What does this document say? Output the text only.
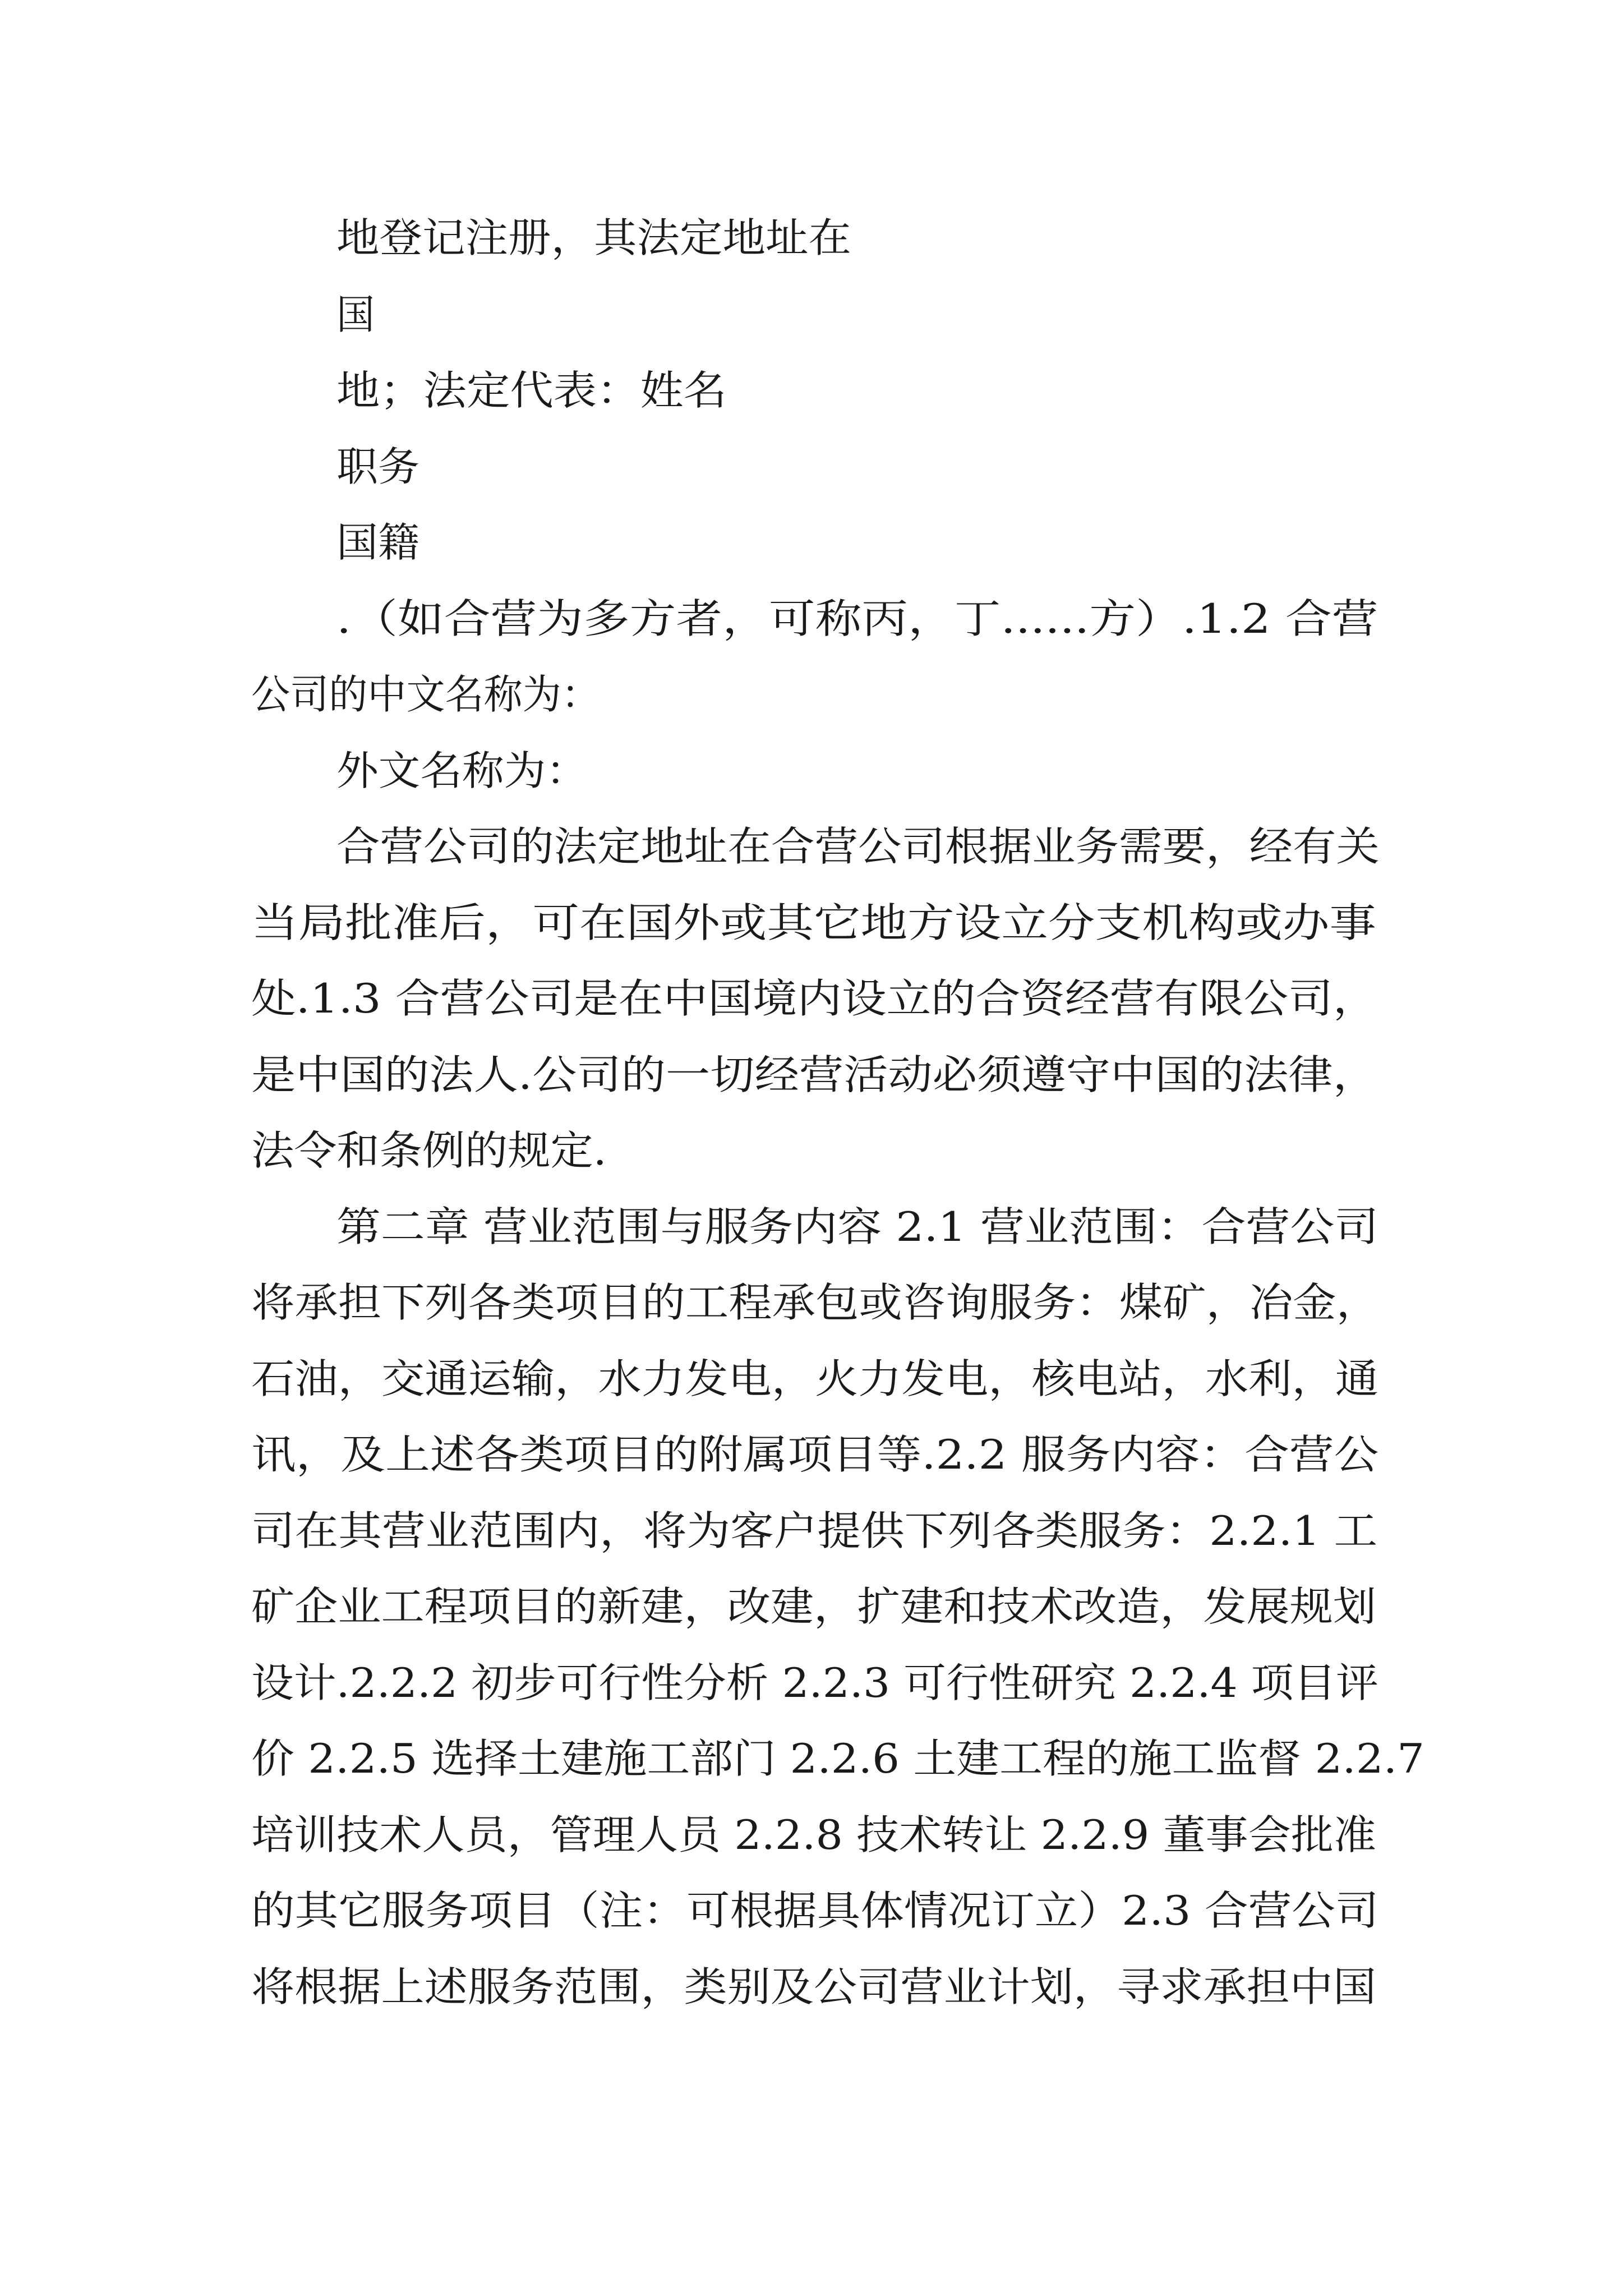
地登记注册，其法定地址在
国
地；法定代表：姓名
职务
国籍
.（如合营为多方者，可称丙，丁......方）.1.2 合营
公司的中文名称为：
外文名称为：
合营公司的法定地址在合营公司根据业务需要，经有关
当局批准后，可在国外或其它地方设立分支机构或办事
处.1.3 合营公司是在中国境内设立的合资经营有限公司，
是中国的法人.公司的一切经营活动必须遵守中国的法律，
法令和条例的规定.
第二章 营业范围与服务内容 2.1 营业范围：合营公司
将承担下列各类项目的工程承包或咨询服务：煤矿，冶金，
石油，交通运输，水力发电，火力发电，核电站，水利，通
讯，及上述各类项目的附属项目等.2.2 服务内容：合营公
司在其营业范围内，将为客户提供下列各类服务：2.2.1 工
矿企业工程项目的新建，改建，扩建和技术改造，发展规划
设计.2.2.2 初步可行性分析 2.2.3 可行性研究 2.2.4 项目评
价 2.2.5 选择土建施工部门 2.2.6 土建工程的施工监督 2.2.7
培训技术人员，管理人员 2.2.8 技术转让 2.2.9 董事会批准
的其它服务项目（注：可根据具体情况订立）2.3 合营公司
将根据上述服务范围，类别及公司营业计划，寻求承担中国
